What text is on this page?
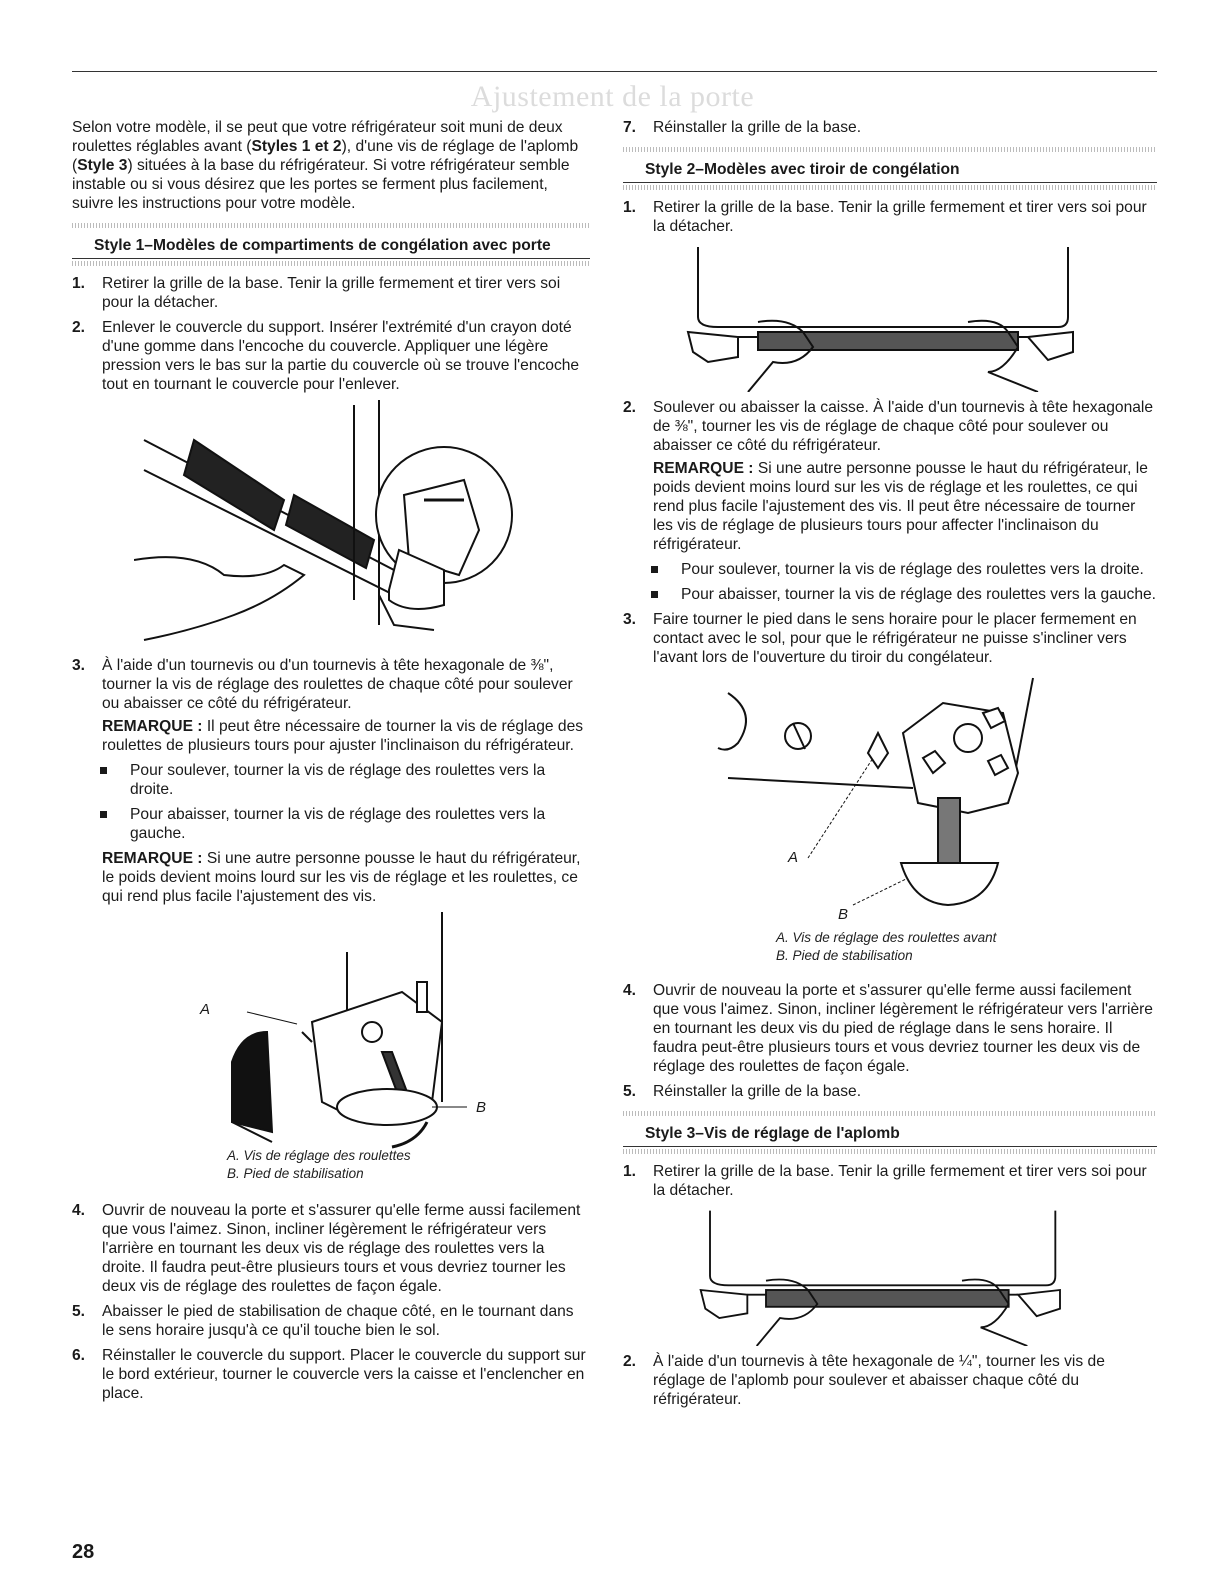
Ajustement de la porte

Selon votre modèle, il se peut que votre réfrigérateur soit muni de deux roulettes réglables avant (Styles 1 et 2), d'une vis de réglage de l'aplomb (Style 3) situées à la base du réfrigérateur. Si votre réfrigérateur semble instable ou si vous désirez que les portes se ferment plus facilement, suivre les instructions pour votre modèle.

Style 1–Modèles de compartiments de congélation avec porte

1. Retirer la grille de la base. Tenir la grille fermement et tirer vers soi pour la détacher.
2. Enlever le couvercle du support. Insérer l'extrémité d'un crayon doté d'une gomme dans l'encoche du couvercle. Appliquer une légère pression vers le bas sur la partie du couvercle où se trouve l'encoche tout en tournant le couvercle pour l'enlever.
3. À l'aide d'un tournevis ou d'un tournevis à tête hexagonale de ⅜", tourner la vis de réglage des roulettes de chaque côté pour soulever ou abaisser ce côté du réfrigérateur.

REMARQUE : Il peut être nécessaire de tourner la vis de réglage des roulettes de plusieurs tours pour ajuster l'inclinaison du réfrigérateur.

Pour soulever, tourner la vis de réglage des roulettes vers la droite.
Pour abaisser, tourner la vis de réglage des roulettes vers la gauche.

REMARQUE : Si une autre personne pousse le haut du réfrigérateur, le poids devient moins lourd sur les vis de réglage et les roulettes, ce qui rend plus facile l'ajustement des vis.

A
B
A. Vis de réglage des roulettes
B. Pied de stabilisation
4. Ouvrir de nouveau la porte et s'assurer qu'elle ferme aussi facilement que vous l'aimez. Sinon, incliner légèrement le réfrigérateur vers l'arrière en tournant les deux vis de réglage des roulettes vers la droite. Il faudra peut-être plusieurs tours et vous devriez tourner les deux vis de réglage des roulettes de façon égale.
5. Abaisser le pied de stabilisation de chaque côté, en le tournant dans le sens horaire jusqu'à ce qu'il touche bien le sol.
6. Réinstaller le couvercle du support. Placer le couvercle du support sur le bord extérieur, tourner le couvercle vers la caisse et l'enclencher en place.
7. Réinstaller la grille de la base.

Style 2–Modèles avec tiroir de congélation

1. Retirer la grille de la base. Tenir la grille fermement et tirer vers soi pour la détacher.
2. Soulever ou abaisser la caisse. À l'aide d'un tournevis à tête hexagonale de ⅜", tourner les vis de réglage de chaque côté pour soulever ou abaisser ce côté du réfrigérateur.

REMARQUE : Si une autre personne pousse le haut du réfrigérateur, le poids devient moins lourd sur les vis de réglage et les roulettes, ce qui rend plus facile l'ajustement des vis. Il peut être nécessaire de tourner les vis de réglage de plusieurs tours pour affecter l'inclinaison du réfrigérateur.

Pour soulever, tourner la vis de réglage des roulettes vers la droite.
Pour abaisser, tourner la vis de réglage des roulettes vers la gauche.
3. Faire tourner le pied dans le sens horaire pour le placer fermement en contact avec le sol, pour que le réfrigérateur ne puisse s'incliner vers l'avant lors de l'ouverture du tiroir du congélateur.
A
B
A. Vis de réglage des roulettes avant
B. Pied de stabilisation
4. Ouvrir de nouveau la porte et s'assurer qu'elle ferme aussi facilement que vous l'aimez. Sinon, incliner légèrement le réfrigérateur vers l'arrière en tournant les deux vis du pied de réglage dans le sens horaire. Il faudra peut-être plusieurs tours et vous devriez tourner les deux vis de réglage des roulettes de façon égale.
5. Réinstaller la grille de la base.

Style 3–Vis de réglage de l'aplomb

1. Retirer la grille de la base. Tenir la grille fermement et tirer vers soi pour la détacher.
2. À l'aide d'un tournevis à tête hexagonale de ¼", tourner les vis de réglage de l'aplomb pour soulever et abaisser chaque côté du réfrigérateur.
28
